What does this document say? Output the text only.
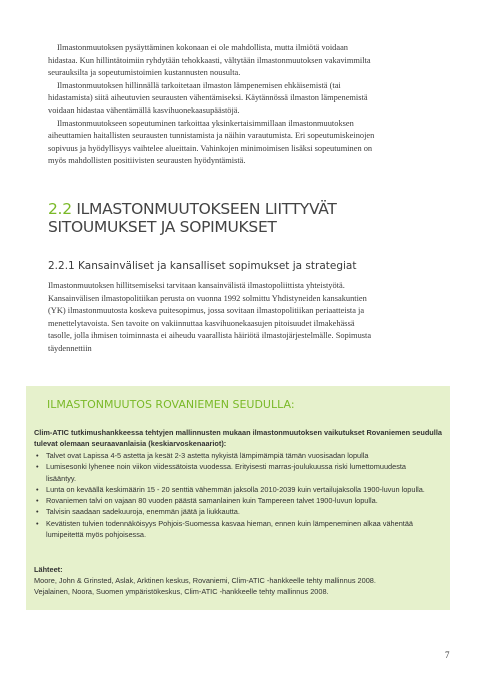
Ilmastonmuutoksen pysäyttäminen kokonaan ei ole mahdollista, mutta ilmiötä voidaan hidastaa. Kun hillintätoimiin ryhdytään tehokkaasti, vältytään ilmastonmuutoksen vakavimmilta seurauksilta ja sopeutumistoimien kustannusten nousulta.

Ilmastonmuutoksen hillinnällä tarkoitetaan ilmaston lämpenemisen ehkäisemistä (tai hidastamista) siitä aiheutuvien seurausten vähentämiseksi. Käytännössä ilmaston lämpenemistä voidaan hidastaa vähentämällä kasvihuonekaasupäästöjä.

Ilmastonmuutokseen sopeutuminen tarkoittaa yksinkertaisimmillaan ilmastonmuutoksen aiheuttamien haitallisten seurausten tunnistamista ja näihin varautumista. Eri sopeutumiskeinojen sopivuus ja hyödyllisyys vaihtelee alueittain. Vahinkojen minimoimisen lisäksi sopeutuminen on myös mahdollisten positiivisten seurausten hyödyntämistä.

2.2 ILMASTONMUUTOKSEEN LIITTYVÄT
SITOUMUKSET JA SOPIMUKSET
2.2.1 Kansainväliset ja kansalliset sopimukset ja strategiat

Ilmastonmuutoksen hillitsemiseksi tarvitaan kansainvälistä ilmastopoliittista yhteistyötä. Kansainvälisen ilmastopolitiikan perusta on vuonna 1992 solmittu Yhdistyneiden kansakuntien (YK) ilmastonmuutosta koskeva puitesopimus, jossa sovitaan ilmastopolitiikan periaatteista ja menettelytavoista. Sen tavoite on vakiinnuttaa kasvihuonekaasujen pitoisuudet ilmakehässä tasolle, jolla ihmisen toiminnasta ei aiheudu vaarallista häiriötä ilmastojärjestelmälle. Sopimusta täydennettiin

ILMASTONMUUTOS ROVANIEMEN SEUDULLA:

Clim-ATIC tutkimushankkeessa tehtyjen mallinnusten mukaan ilmastonmuutoksen vaikutukset Rovaniemen seudulla tulevat olemaan seuraavanlaisia (keskiarvoskenaariot):

• Talvet ovat Lapissa 4-5 astetta ja kesät 2-3 astetta nykyistä lämpimämpiä tämän vuosisadan lopulla
• Lumisesonki lyhenee noin viikon viidessätoista vuodessa. Erityisesti marras-joulukuussa riski lumettomuudesta lisääntyy.
• Lunta on keväällä keskimäärin 15 - 20 senttiä vähemmän jaksolla 2010-2039 kuin vertailujaksolla 1900-luvun lopulla.
• Rovaniemen talvi on vajaan 80 vuoden päästä samanlainen kuin Tampereen talvet 1900-luvun lopulla.
• Talvisin saadaan sadekuuroja, enemmän jäätä ja liukkautta.
• Kevätisten tulvien todennäköisyys Pohjois-Suomessa kasvaa hieman, ennen kuin lämpeneminen alkaa vähentää lumipeitettä myös pohjoisessa.

Lähteet:

Moore, John & Grinsted, Aslak, Arktinen keskus, Rovaniemi, Clim-ATIC -hankkeelle tehty mallinnus 2008.
Vejalainen, Noora, Suomen ympäristökeskus, Clim-ATIC -hankkeelle tehty mallinnus 2008.
7
